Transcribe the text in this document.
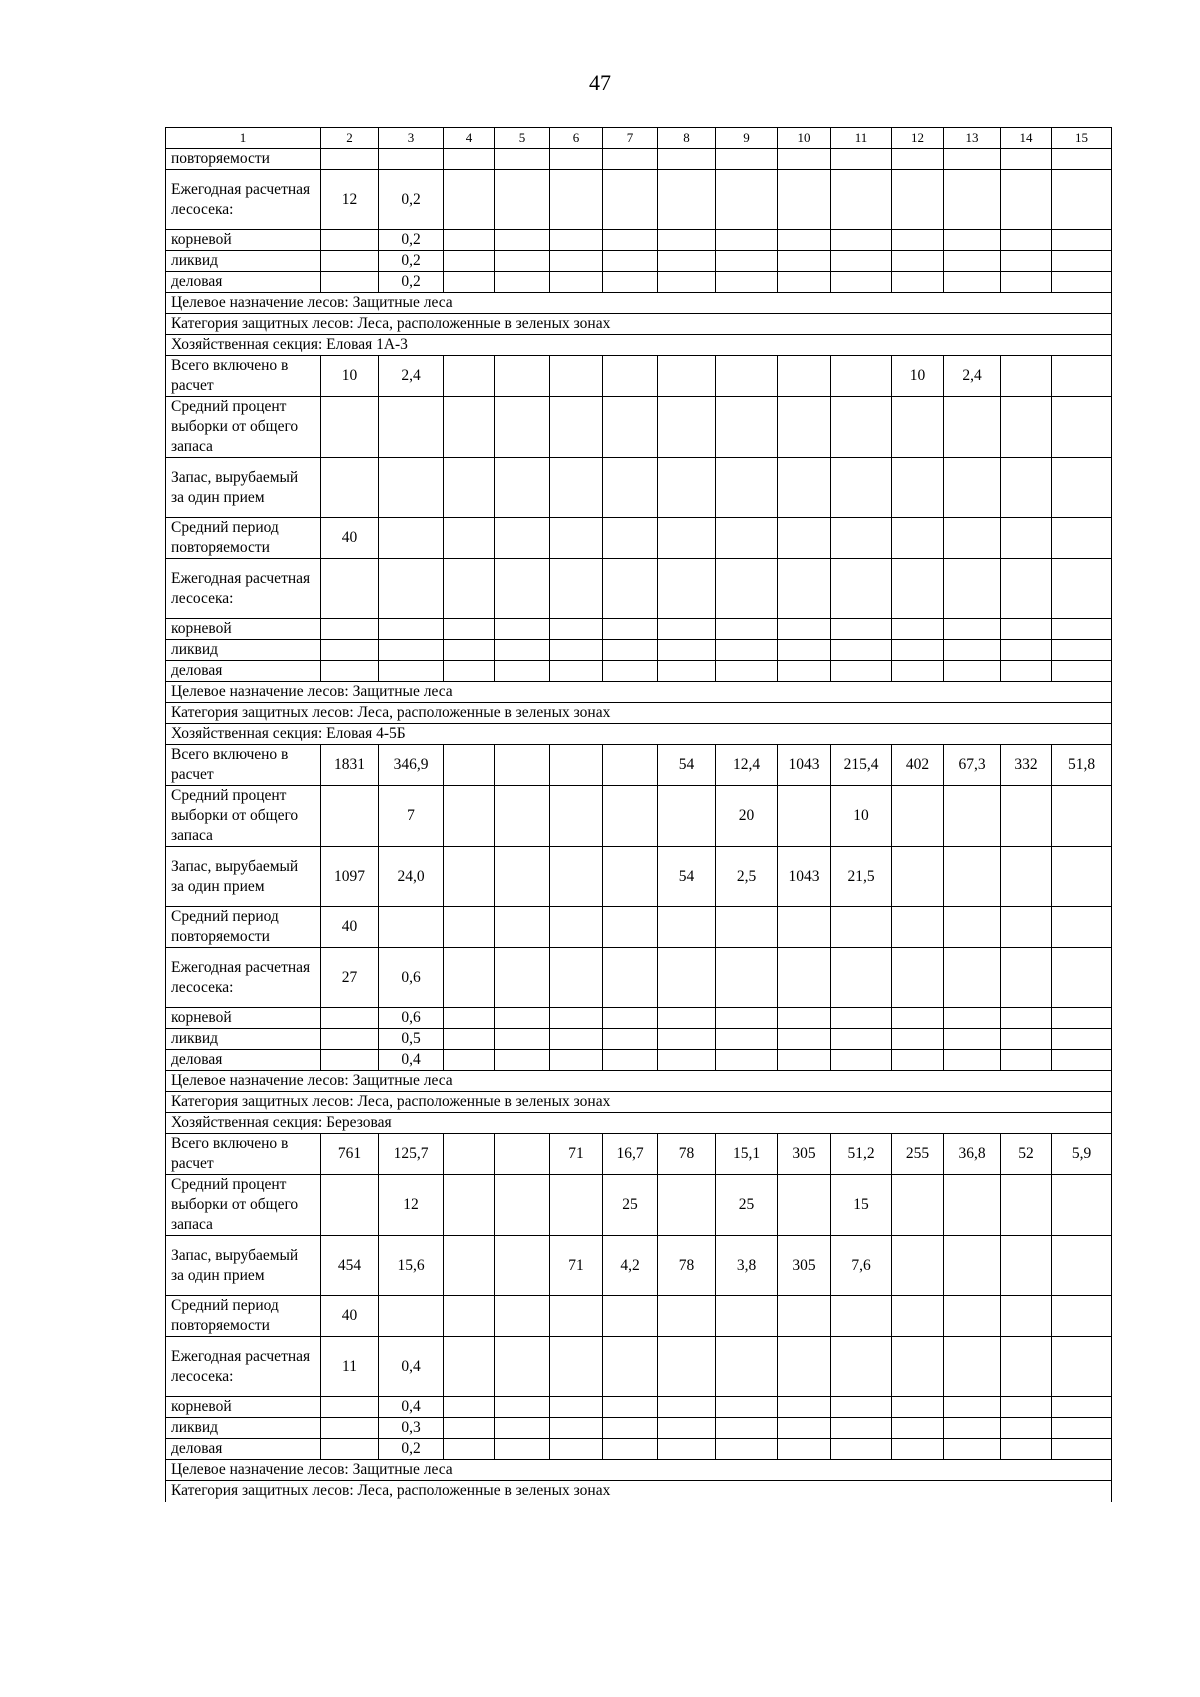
47
1	2	3	4	5	6	7	8	9	10	11	12	13	14	15
повторяемости														
Ежегодная расчетная лесосека:	12	0,2												
корневой		0,2												
ликвид		0,2												
деловая		0,2												
Целевое назначение лесов: Защитные леса														
Категория защитных лесов: Леса, расположенные в зеленых зонах														
Хозяйственная секция: Еловая 1А-3														
Всего включено в расчет	10	2,4									10	2,4		
Средний процент выборки от общего запаса														
Запас, вырубаемый за один прием														
Средний период повторяемости	40													
Ежегодная расчетная лесосека:														
корневой														
ликвид														
деловая														
Целевое назначение лесов: Защитные леса														
Категория защитных лесов: Леса, расположенные в зеленых зонах														
Хозяйственная секция: Еловая 4-5Б														
Всего включено в расчет	1831	346,9					54	12,4	1043	215,4	402	67,3	332	51,8
Средний процент выборки от общего запаса		7						20		10				
Запас, вырубаемый за один прием	1097	24,0					54	2,5	1043	21,5				
Средний период повторяемости	40													
Ежегодная расчетная лесосека:	27	0,6												
корневой		0,6												
ликвид		0,5												
деловая		0,4												
Целевое назначение лесов: Защитные леса														
Категория защитных лесов: Леса, расположенные в зеленых зонах														
Хозяйственная секция: Березовая														
Всего включено в расчет	761	125,7			71	16,7	78	15,1	305	51,2	255	36,8	52	5,9
Средний процент выборки от общего запаса		12				25		25		15				
Запас, вырубаемый за один прием	454	15,6			71	4,2	78	3,8	305	7,6				
Средний период повторяемости	40													
Ежегодная расчетная лесосека:	11	0,4												
корневой		0,4												
ликвид		0,3												
деловая		0,2												
Целевое назначение лесов: Защитные леса														
Категория защитных лесов: Леса, расположенные в зеленых зонах														
